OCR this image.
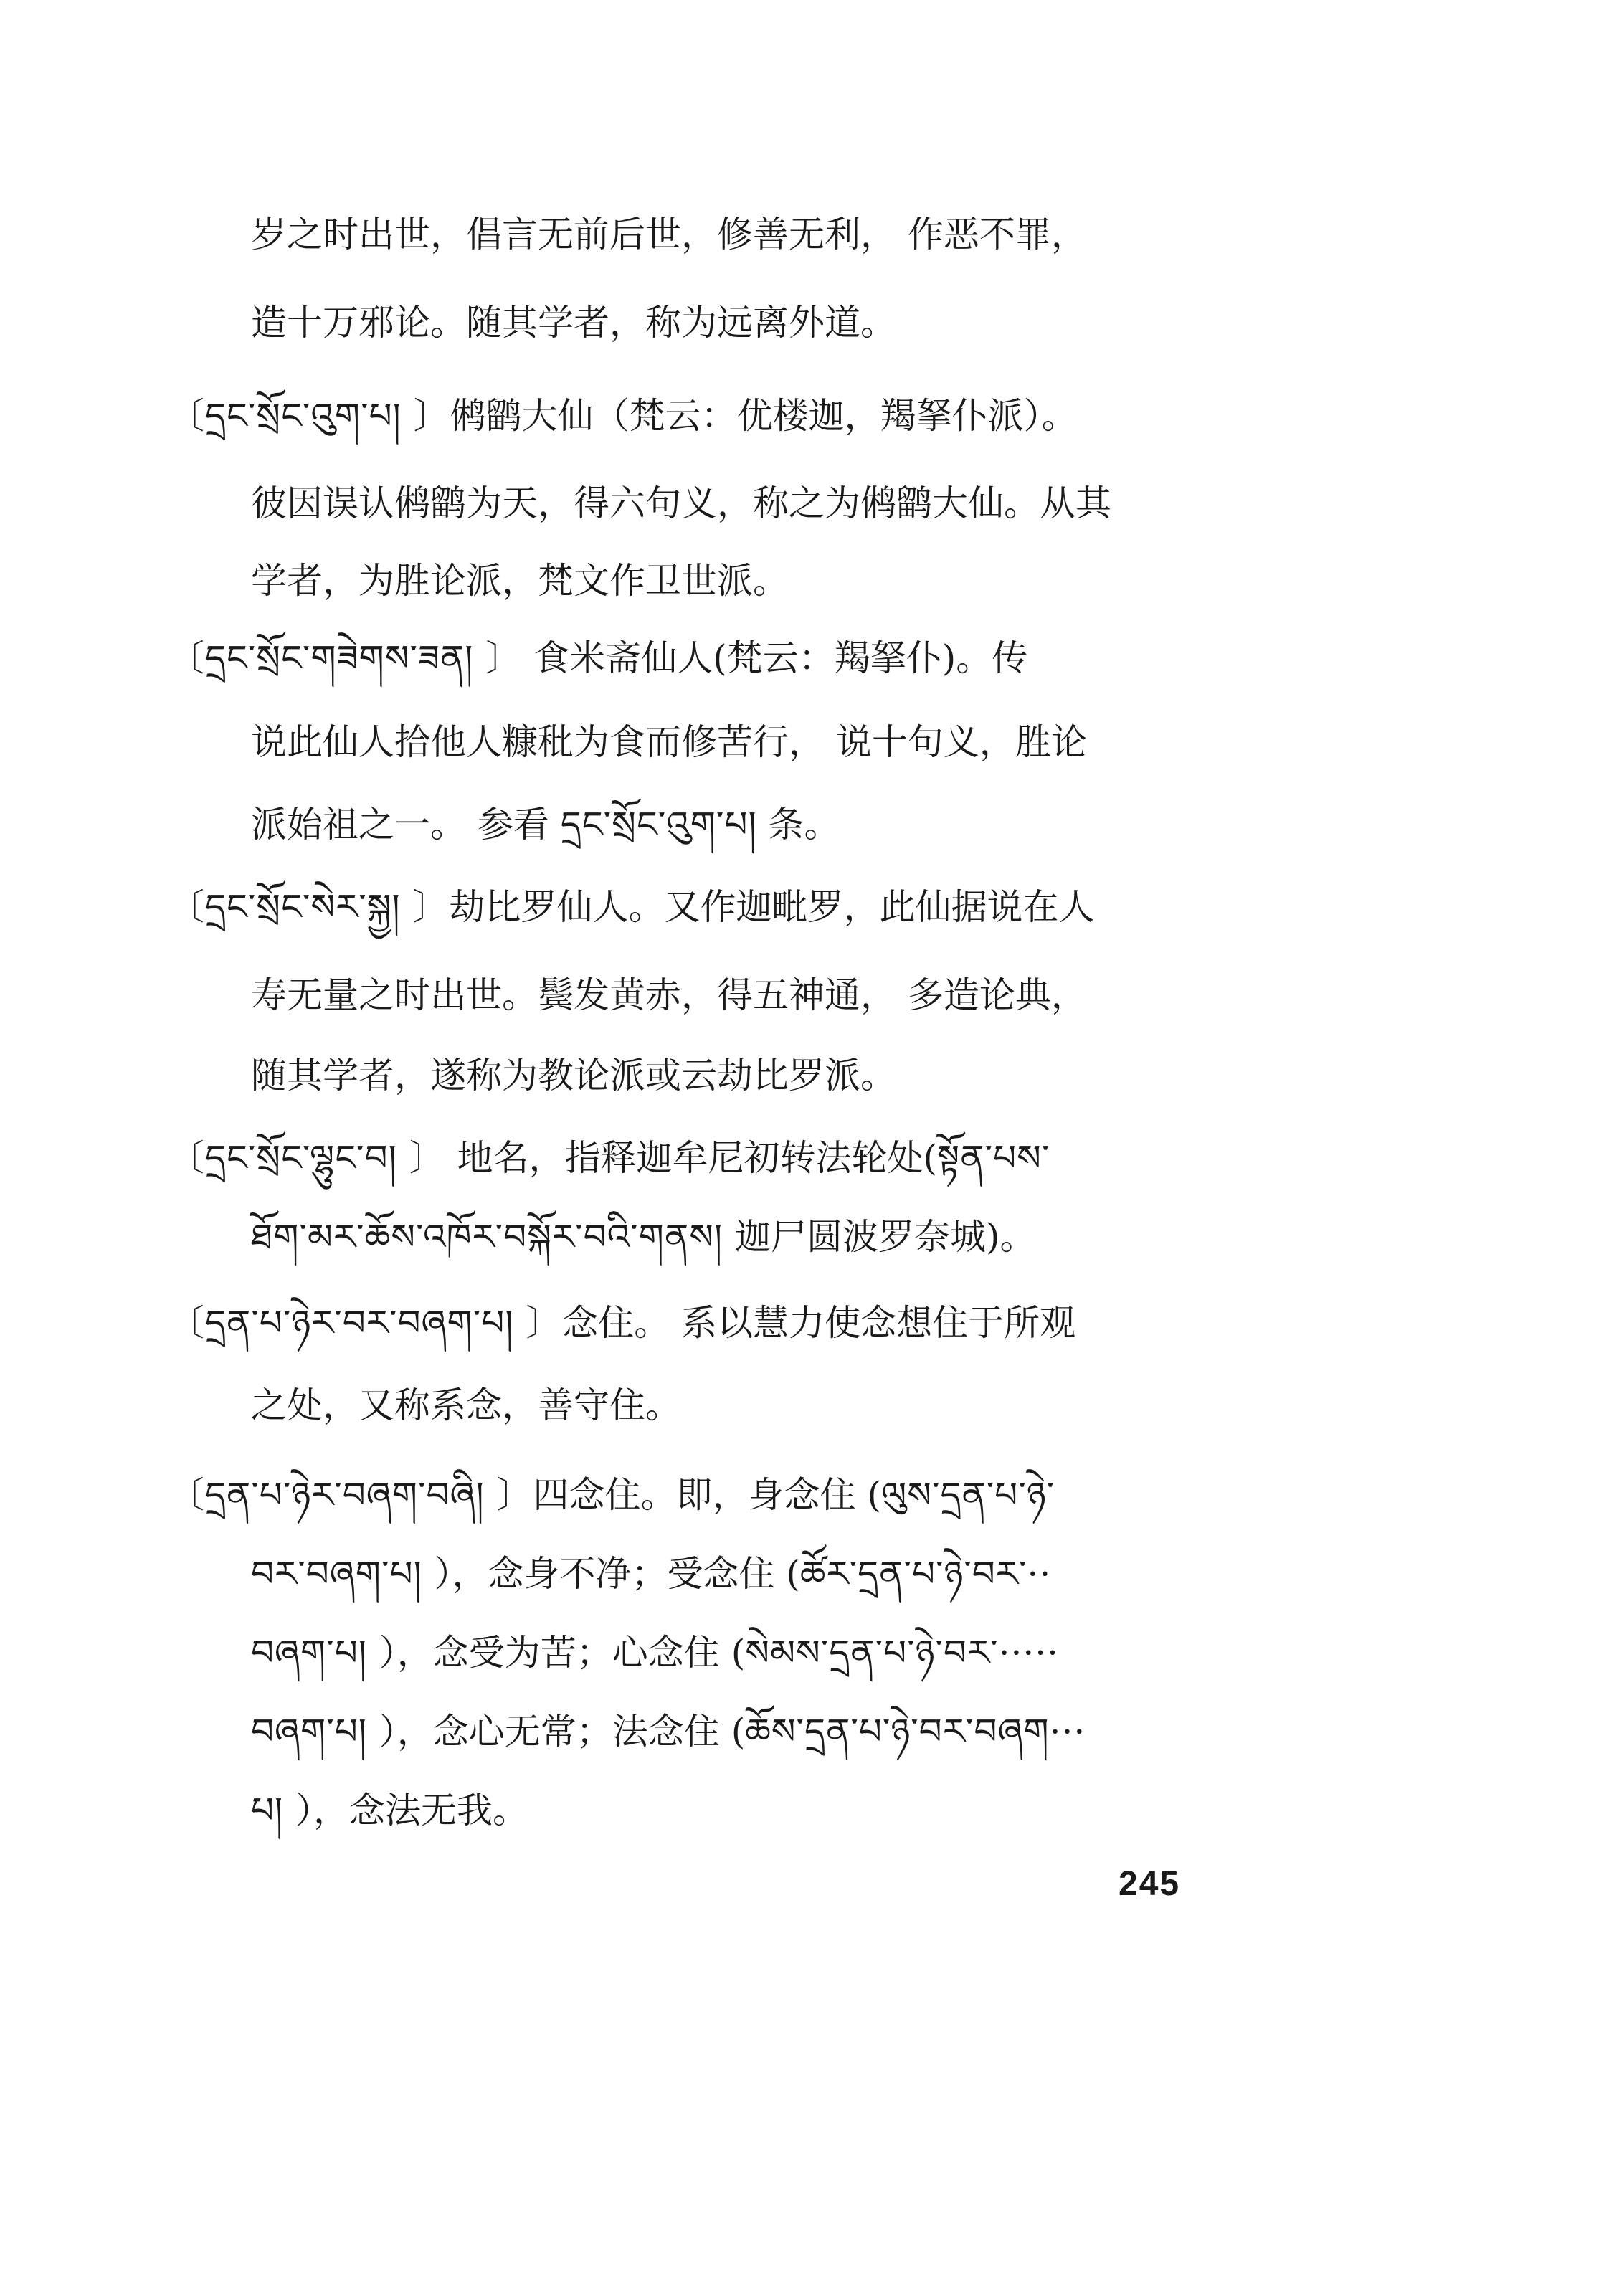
岁之时出世，倡言无前后世，修善无利， 作恶不罪，
造十万邪论。随其学者，称为远离外道。
〔དྲང་སྲོང་འུག་པ། 〕鸺鹠大仙（梵云：优楼迦，羯拏仆派）。
彼因误认鸺鹠为天，得六句义，称之为鸺鹠大仙。从其
学者，为胜论派，梵文作卫世派。
〔དྲང་སྲོང་གཟེགས་ཟན། 〕 食米斋仙人(梵云：羯拏仆)。传
说此仙人拾他人糠秕为食而修苦行， 说十句义，胜论
派始祖之一。 参看 དྲང་སྲོང་འུག་པ། 条。
〔དྲང་སྲོང་སེར་སྐྱ། 〕劫比罗仙人。又作迦毗罗，此仙据说在人
寿无量之时出世。鬓发黄赤，得五神通， 多造论典，
随其学者，遂称为教论派或云劫比罗派。
〔དྲང་སྲོང་ལྷུང་བ། 〕 地名，指释迦牟尼初转法轮处(སྟོན་པས་
ཐོག་མར་ཆོས་འཁོར་བསྐོར་བའི་གནས། 迦尸圆波罗奈城)。
〔དྲན་པ་ཉེར་བར་བཞག་པ། 〕念住。 系以慧力使念想住于所观
之处，又称系念，善守住。
〔དྲན་པ་ཉེར་བཞག་བཞི། 〕四念住。即，身念住 (ལུས་དྲན་པ་ཉེ་
བར་བཞག་པ། ），念身不净；受念住 (ཚོར་དྲན་པ་ཉེ་བར་··
བཞག་པ། ），念受为苦；心念住 (སེམས་དྲན་པ་ཉེ་བར་·····
བཞག་པ། ），念心无常；法念住 (ཆོས་དྲན་པ་ཉེ་བར་བཞག···
པ། ），念法无我。
245
